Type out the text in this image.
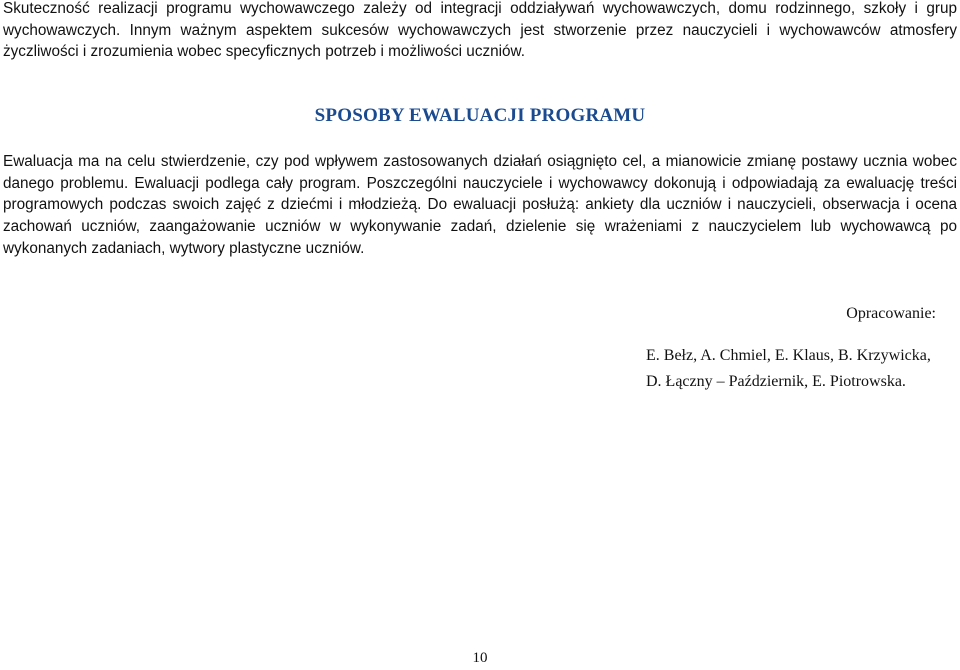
Skuteczność realizacji programu wychowawczego zależy od integracji oddziaływań wychowawczych, domu rodzinnego, szkoły i grup wychowawczych. Innym ważnym aspektem sukcesów wychowawczych jest stworzenie przez nauczycieli i wychowawców atmosfery życzliwości i zrozumienia wobec specyficznych potrzeb i możliwości uczniów.

SPOSOBY EWALUACJI PROGRAMU

Ewaluacja ma na celu stwierdzenie, czy pod wpływem zastosowanych działań osiągnięto cel, a mianowicie zmianę postawy ucznia wobec danego problemu. Ewaluacji podlega cały program. Poszczególni nauczyciele i wychowawcy dokonują i odpowiadają za ewaluację treści programowych podczas swoich zajęć z dziećmi i młodzieżą. Do ewaluacji posłużą: ankiety dla uczniów i nauczycieli, obserwacja i ocena zachowań uczniów, zaangażowanie uczniów w wykonywanie zadań, dzielenie się wrażeniami z nauczycielem lub wychowawcą po wykonanych zadaniach, wytwory plastyczne uczniów.

Opracowanie:

E. Bełz, A. Chmiel, E. Klaus, B. Krzywicka,
D. Łączny – Październik, E. Piotrowska.

10
